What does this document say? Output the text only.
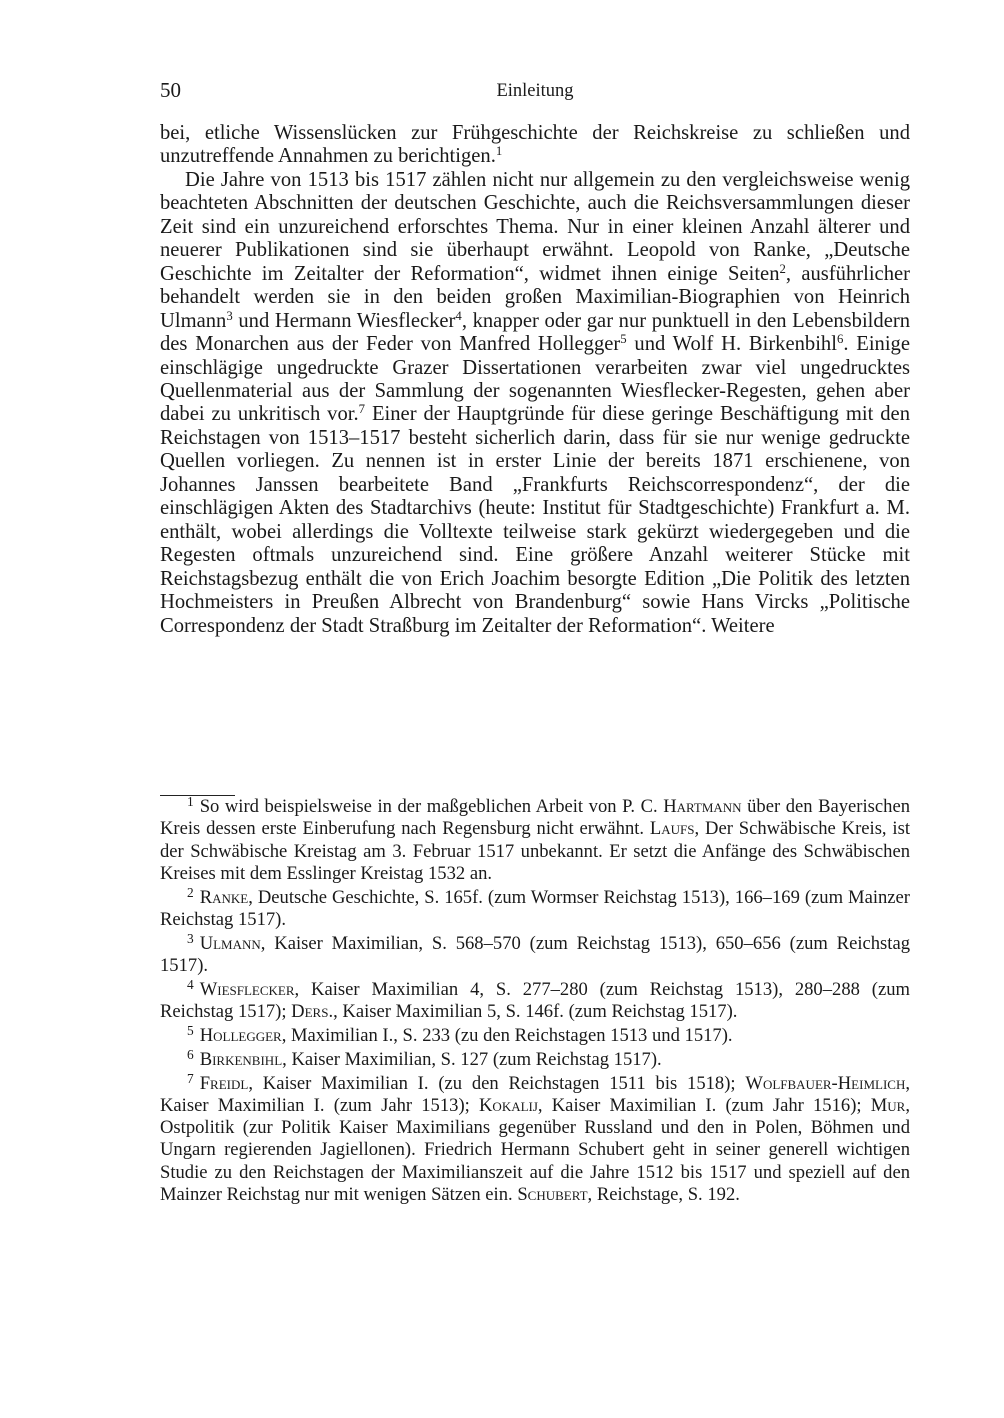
50	Einleitung

bei, etliche Wissenslücken zur Frühgeschichte der Reichskreise zu schließen und unzutreffende Annahmen zu berichtigen.$^1$

Die Jahre von 1513 bis 1517 zählen nicht nur allgemein zu den vergleichsweise wenig beachteten Abschnitten der deutschen Geschichte, auch die Reichsversammlungen dieser Zeit sind ein unzureichend erforschtes Thema. Nur in einer kleinen Anzahl älterer und neuerer Publikationen sind sie überhaupt erwähnt. Leopold von Ranke, „Deutsche Geschichte im Zeitalter der Reformation“, widmet ihnen einige Seiten$^2$, ausführlicher behandelt werden sie in den beiden großen Maximilian-Biographien von Heinrich Ulmann$^3$ und Hermann Wiesflecker$^4$, knapper oder gar nur punktuell in den Lebensbildern des Monarchen aus der Feder von Manfred Hollegger$^5$ und Wolf H. Birkenbihl$^6$. Einige einschlägige ungedruckte Grazer Dissertationen verarbeiten zwar viel ungedrucktes Quellenmaterial aus der Sammlung der sogenannten Wiesflecker-Regesten, gehen aber dabei zu unkritisch vor.$^7$ Einer der Hauptgründe für diese geringe Beschäftigung mit den Reichstagen von 1513–1517 besteht sicherlich darin, dass für sie nur wenige gedruckte Quellen vorliegen. Zu nennen ist in erster Linie der bereits 1871 erschienene, von Johannes Janssen bearbeitete Band „Frankfurts Reichscorrespondenz“, der die einschlägigen Akten des Stadtarchivs (heute: Institut für Stadtgeschichte) Frankfurt a. M. enthält, wobei allerdings die Volltexte teilweise stark gekürzt wiedergegeben und die Regesten oftmals unzureichend sind. Eine größere Anzahl weiterer Stücke mit Reichstagsbezug enthält die von Erich Joachim besorgte Edition „Die Politik des letzten Hochmeisters in Preußen Albrecht von Brandenburg“ sowie Hans Vircks „Politische Correspondenz der Stadt Straßburg im Zeitalter der Reformation“. Weitere

$^1$ So wird beispielsweise in der maßgeblichen Arbeit von P. C. Hartmann über den Bayerischen Kreis dessen erste Einberufung nach Regensburg nicht erwähnt. Laufs, Der Schwäbische Kreis, ist der Schwäbische Kreistag am 3. Februar 1517 unbekannt. Er setzt die Anfänge des Schwäbischen Kreises mit dem Esslinger Kreistag 1532 an.

$^2$ Ranke, Deutsche Geschichte, S. 165f. (zum Wormser Reichstag 1513), 166–169 (zum Mainzer Reichstag 1517).

$^3$ Ulmann, Kaiser Maximilian, S. 568–570 (zum Reichstag 1513), 650–656 (zum Reichstag 1517).

$^4$ Wiesflecker, Kaiser Maximilian 4, S. 277–280 (zum Reichstag 1513), 280–288 (zum Reichstag 1517); Ders., Kaiser Maximilian 5, S. 146f. (zum Reichstag 1517).

$^5$ Hollegger, Maximilian I., S. 233 (zu den Reichstagen 1513 und 1517).

$^6$ Birkenbihl, Kaiser Maximilian, S. 127 (zum Reichstag 1517).

$^7$ Freidl, Kaiser Maximilian I. (zu den Reichstagen 1511 bis 1518); Wolfbauer-Heimlich, Kaiser Maximilian I. (zum Jahr 1513); Kokalij, Kaiser Maximilian I. (zum Jahr 1516); Mur, Ostpolitik (zur Politik Kaiser Maximilians gegenüber Russland und den in Polen, Böhmen und Ungarn regierenden Jagiellonen). Friedrich Hermann Schubert geht in seiner generell wichtigen Studie zu den Reichstagen der Maximilianszeit auf die Jahre 1512 bis 1517 und speziell auf den Mainzer Reichstag nur mit wenigen Sätzen ein. Schubert, Reichstage, S. 192.
